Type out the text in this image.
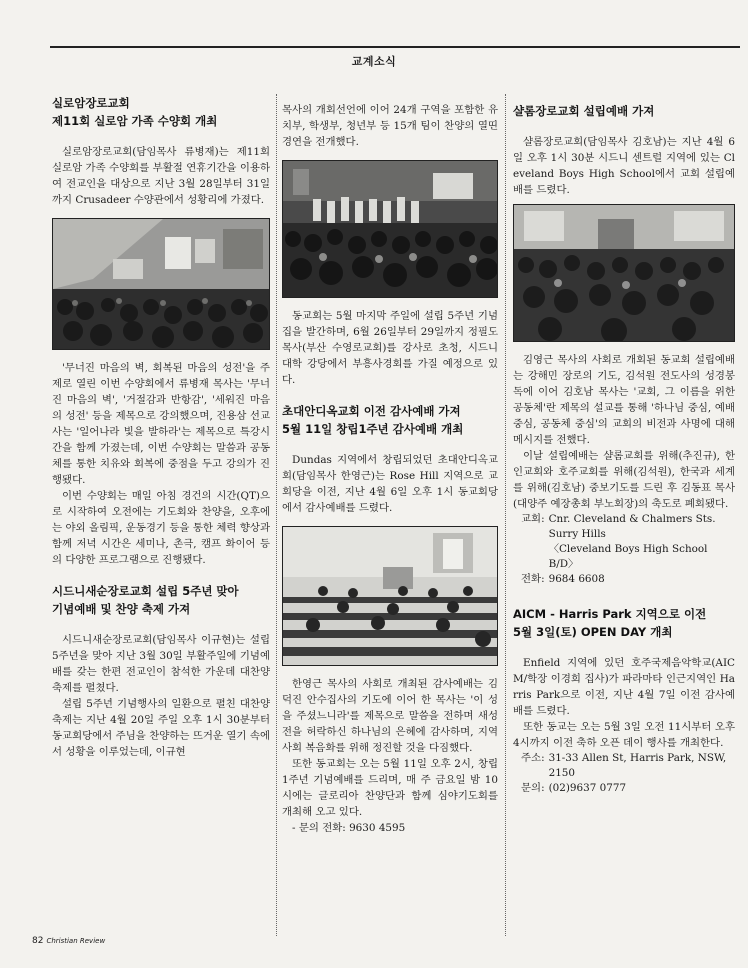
교계소식
실로암장로교회
제11회 실로암 가족 수양회 개최

실로암장로교회(담임목사 류병재)는 제11회 실로암 가족 수양회를 부활절 연휴기간을 이용하여 전교인을 대상으로 지난 3월 28일부터 31일까지 Crusadeer 수양관에서 성황리에 가졌다.

'무너진 마음의 벽, 회복된 마음의 성전'을 주제로 열린 이번 수양회에서 류병재 목사는 '무너진 마음의 벽', '거절감과 반항감', '세워진 마음의 성전' 등을 제목으로 강의했으며, 진용삼 선교사는 '일어나라 빛을 발하라'는 제목으로 특강시간을 함께 가졌는데, 이번 수양회는 말씀과 공동체를 통한 치유와 회복에 중점을 두고 강의가 진행됐다.

이번 수양회는 매일 아침 경건의 시간(QT)으로 시작하여 오전에는 기도회와 찬양을, 오후에는 야외 올림픽, 운동경기 등을 통한 체력 향상과 함께 저녁 시간은 세미나, 촌극, 캠프 화이어 등의 다양한 프로그램으로 진행됐다.

시드니새순장로교회 설립 5주년 맞아
기념예배 및 찬양 축제 가져

시드니새순장로교회(담임목사 이규현)는 설립 5주년을 맞아 지난 3월 30일 부활주일에 기념예배를 갖는 한편 전교인이 참석한 가운데 대찬양 축제를 펼쳤다.

설립 5주년 기념행사의 일환으로 펼친 대찬양 축제는 지난 4월 20일 주일 오후 1시 30분부터 동교회당에서 주님을 찬양하는 뜨거운 열기 속에서 성황을 이루었는데, 이규현

목사의 개회선언에 이어 24개 구역을 포함한 유치부, 학생부, 청년부 등 15개 팀이 찬양의 열띤 경연을 전개했다.

동교회는 5월 마지막 주일에 설립 5주년 기념집을 발간하며, 6월 26일부터 29일까지 정필도 목사(부산 수영로교회)를 강사로 초청, 시드니 대학 강당에서 부흥사경회를 가질 예정으로 있다.

초대안디옥교회 이전 감사예배 가져
5월 11일 창립1주년 감사예배 개최

Dundas 지역에서 창립되었던 초대안디옥교회(담임목사 한영근)는 Rose Hill 지역으로 교회당을 이전, 지난 4월 6일 오후 1시 동교회당에서 감사예배를 드렸다.

한영근 목사의 사회로 개최된 감사예배는 김덕진 안수집사의 기도에 이어 한 목사는 '이 성을 주셨느니라'를 제목으로 말씀을 전하며 새성전을 허락하신 하나님의 은혜에 감사하며, 지역사회 복음화를 위해 정진할 것을 다짐했다.

또한 동교회는 오는 5월 11일 오후 2시, 창립 1주년 기념예배를 드리며, 매 주 금요일 밤 10시에는 글로리아 찬양단과 함께 심야기도회를 개최해 오고 있다.

- 문의 전화: 9630 4595

샬롬장로교회 설립예배 가져

샬롬장로교회(담임목사 김호남)는 지난 4월 6일 오후 1시 30분 시드니 센트럴 지역에 있는 Cleveland Boys High School에서 교회 설립예배를 드렸다.

김영근 목사의 사회로 개회된 동교회 설립예배는 강해민 장로의 기도, 김석원 전도사의 성경봉독에 이어 김호남 목사는 '교회, 그 이름을 위한 공동체'란 제목의 설교를 통해 '하나님 중심, 예배 중심, 공동체 중심'의 교회의 비전과 사명에 대해 메시지를 전했다.

이날 설립예배는 샬롬교회를 위해(추진규), 한인교회와 호주교회를 위해(김석원), 한국과 세계를 위해(김호남) 중보기도를 드린 후 김동표 목사(대양주 예장총회 부노회장)의 축도로 폐회됐다.

교회: Cnr. Cleveland & Chalmers Sts. Surry Hills
〈Cleveland Boys High School B/D〉
전화: 9684 6608
AICM - Harris Park 지역으로 이전
5월 3일(토) OPEN DAY 개최

Enfield 지역에 있던 호주국제음악학교(AICM/학장 이경희 집사)가 파라마타 인근지역인 Harris Park으로 이전, 지난 4월 7일 이전 감사예배를 드렸다.

또한 동교는 오는 5월 3일 오전 11시부터 오후 4시까지 이전 축하 오픈 데이 행사를 개최한다.

주소: 31-33 Allen St, Harris Park, NSW, 2150
문의: (02)9637 0777
82 Christian Review
